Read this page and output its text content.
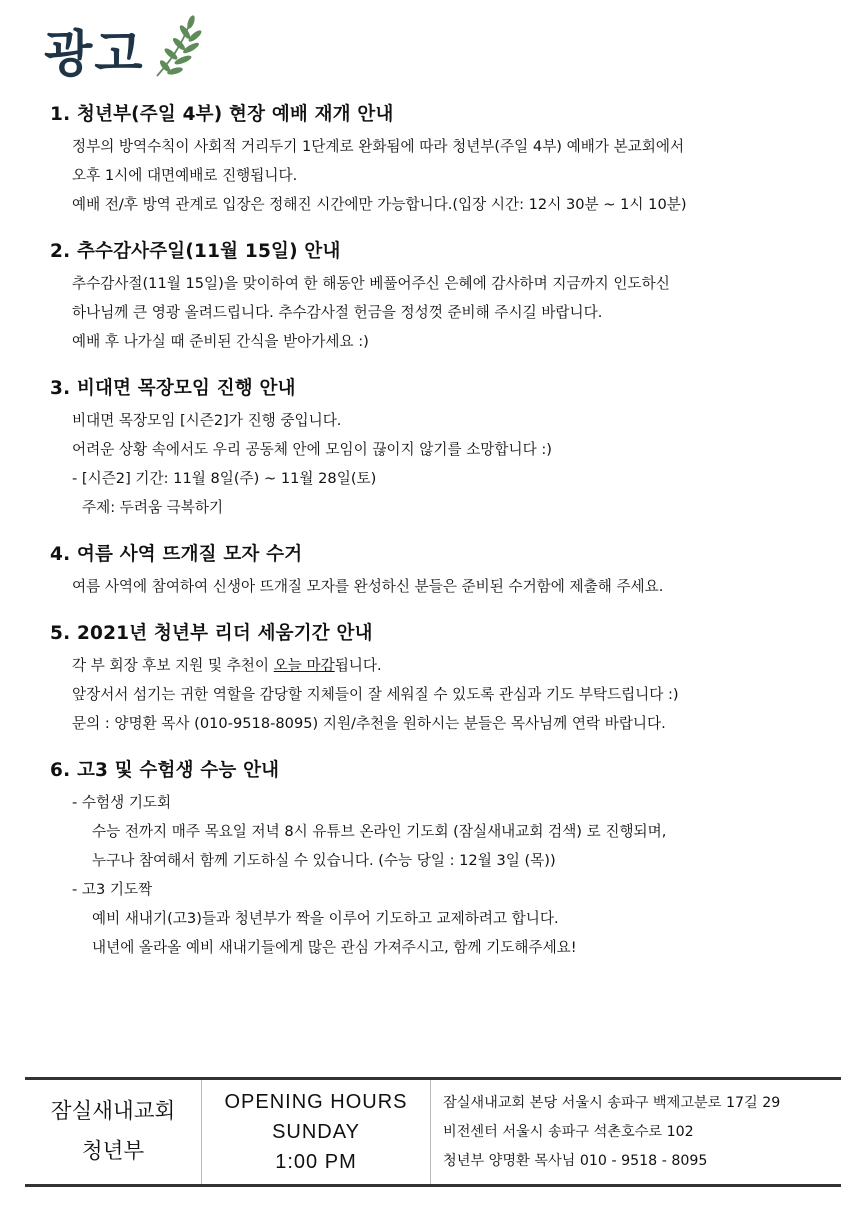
광고
1. 청년부(주일 4부) 현장 예배 재개 안내
정부의 방역수칙이 사회적 거리두기 1단계로 완화됨에 따라 청년부(주일 4부) 예배가 본교회에서
오후 1시에 대면예배로 진행됩니다.
예배 전/후 방역 관계로 입장은 정해진 시간에만 가능합니다.(입장 시간: 12시 30분 ~ 1시 10분)
2. 추수감사주일(11월 15일) 안내
추수감사절(11월 15일)을 맞이하여 한 해동안 베풀어주신 은혜에 감사하며 지금까지 인도하신
하나님께 큰 영광 올려드립니다. 추수감사절 헌금을 정성껏 준비해 주시길 바랍니다.
예배 후 나가실 때 준비된 간식을 받아가세요 :)
3. 비대면 목장모임 진행 안내
비대면 목장모임 [시즌2]가 진행 중입니다.
어려운 상황 속에서도 우리 공동체 안에 모임이 끊이지 않기를 소망합니다 :)
- [시즌2] 기간: 11월 8일(주) ~ 11월 28일(토)
주제: 두려움 극복하기
4. 여름 사역 뜨개질 모자 수거
여름 사역에 참여하여 신생아 뜨개질 모자를 완성하신 분들은 준비된 수거함에 제출해 주세요.
5. 2021년 청년부 리더 세움기간 안내
각 부 회장 후보 지원 및 추천이 오늘 마감됩니다.
앞장서서 섬기는 귀한 역할을 감당할 지체들이 잘 세워질 수 있도록 관심과 기도 부탁드립니다 :)
문의 : 양명환 목사 (010-9518-8095) 지원/추천을 원하시는 분들은 목사님께 연락 바랍니다.
6. 고3 및 수험생 수능 안내
- 수험생 기도회
수능 전까지 매주 목요일 저녁 8시 유튜브 온라인 기도회 (잠실새내교회 검색) 로 진행되며,
누구나 참여해서 함께 기도하실 수 있습니다. (수능 당일 : 12월 3일 (목))
- 고3 기도짝
예비 새내기(고3)들과 청년부가 짝을 이루어 기도하고 교제하려고 합니다.
내년에 올라올 예비 새내기들에게 많은 관심 가져주시고, 함께 기도해주세요!
잠실새내교회
청년부
OPENING HOURS
SUNDAY
1:00 PM
잠실새내교회 본당 서울시 송파구 백제고분로 17길 29
비전센터 서울시 송파구 석촌호수로 102
청년부 양명환 목사님 010 - 9518 - 8095
